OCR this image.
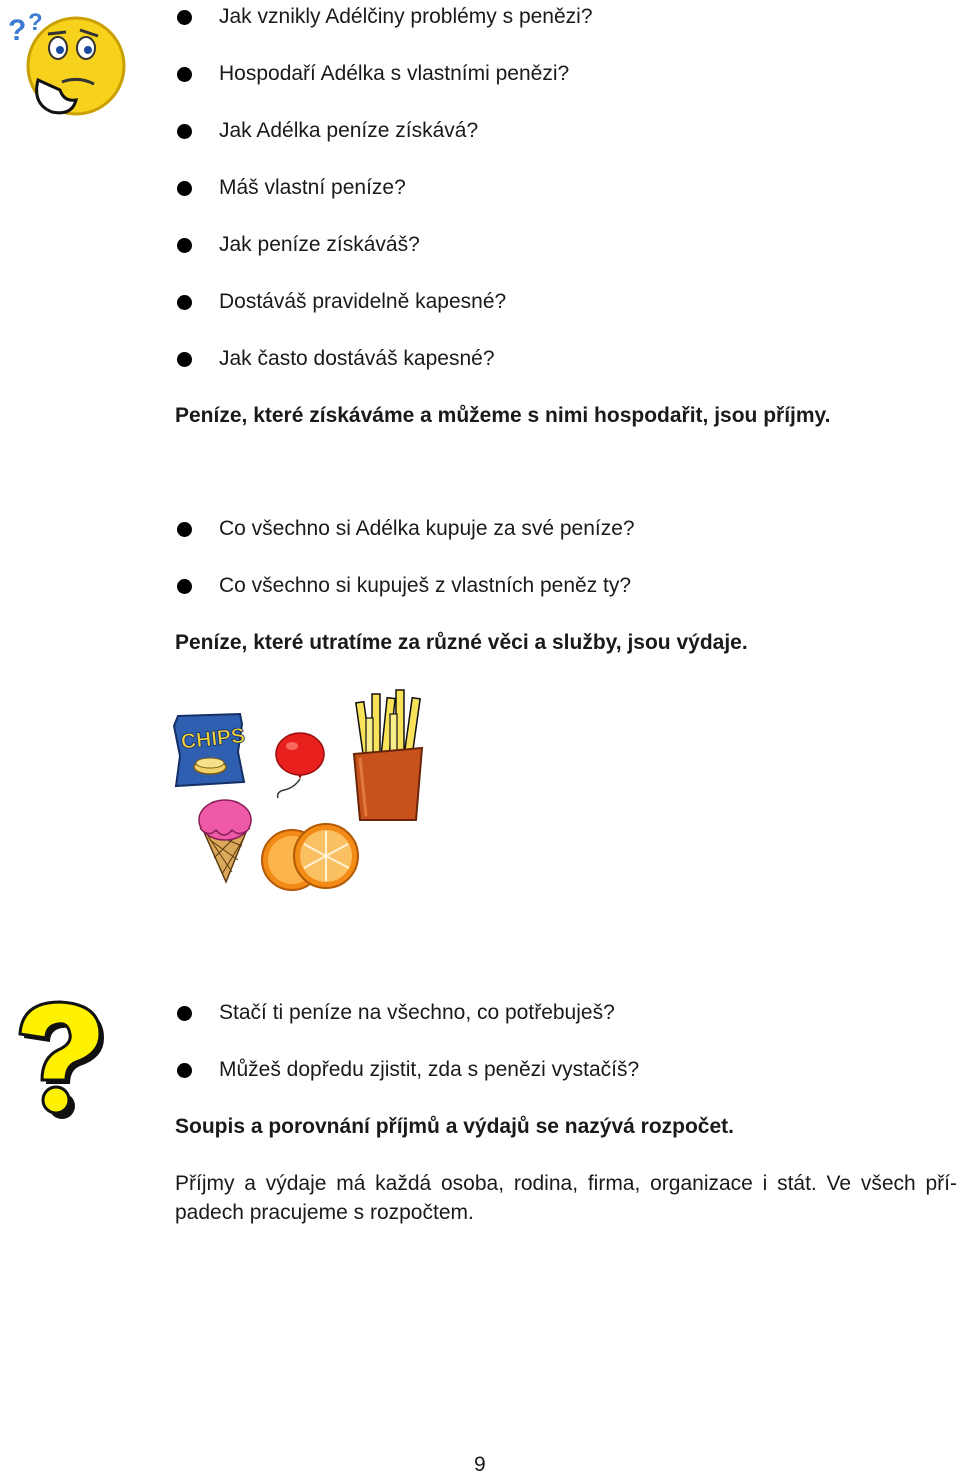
? ?	Jak vznikly Adélčiny problémy s penězi?
Hospodaří Adélka s vlastními penězi?
Jak Adélka peníze získává?
Máš vlastní peníze?
Jak peníze získáváš?
Dostáváš pravidelně kapesné?
Jak často dostáváš kapesné?
Peníze, které získáváme a můžeme s nimi hospodařit, jsou příjmy.
Co všechno si Adélka kupuje za své peníze?
Co všechno si kupuješ z vlastních peněz ty?
Peníze, které utratíme za různé věci a služby, jsou výdaje.
CHIPS
Stačí ti peníze na všechno, co potřebuješ?
Můžeš dopředu zjistit, zda s penězi vystačíš?
Soupis a porovnání příjmů a výdajů se nazývá rozpočet.
Příjmy a výdaje má každá osoba, rodina, firma, organizace i stát. Ve všech pří-padech pracujeme s rozpočtem.
9
